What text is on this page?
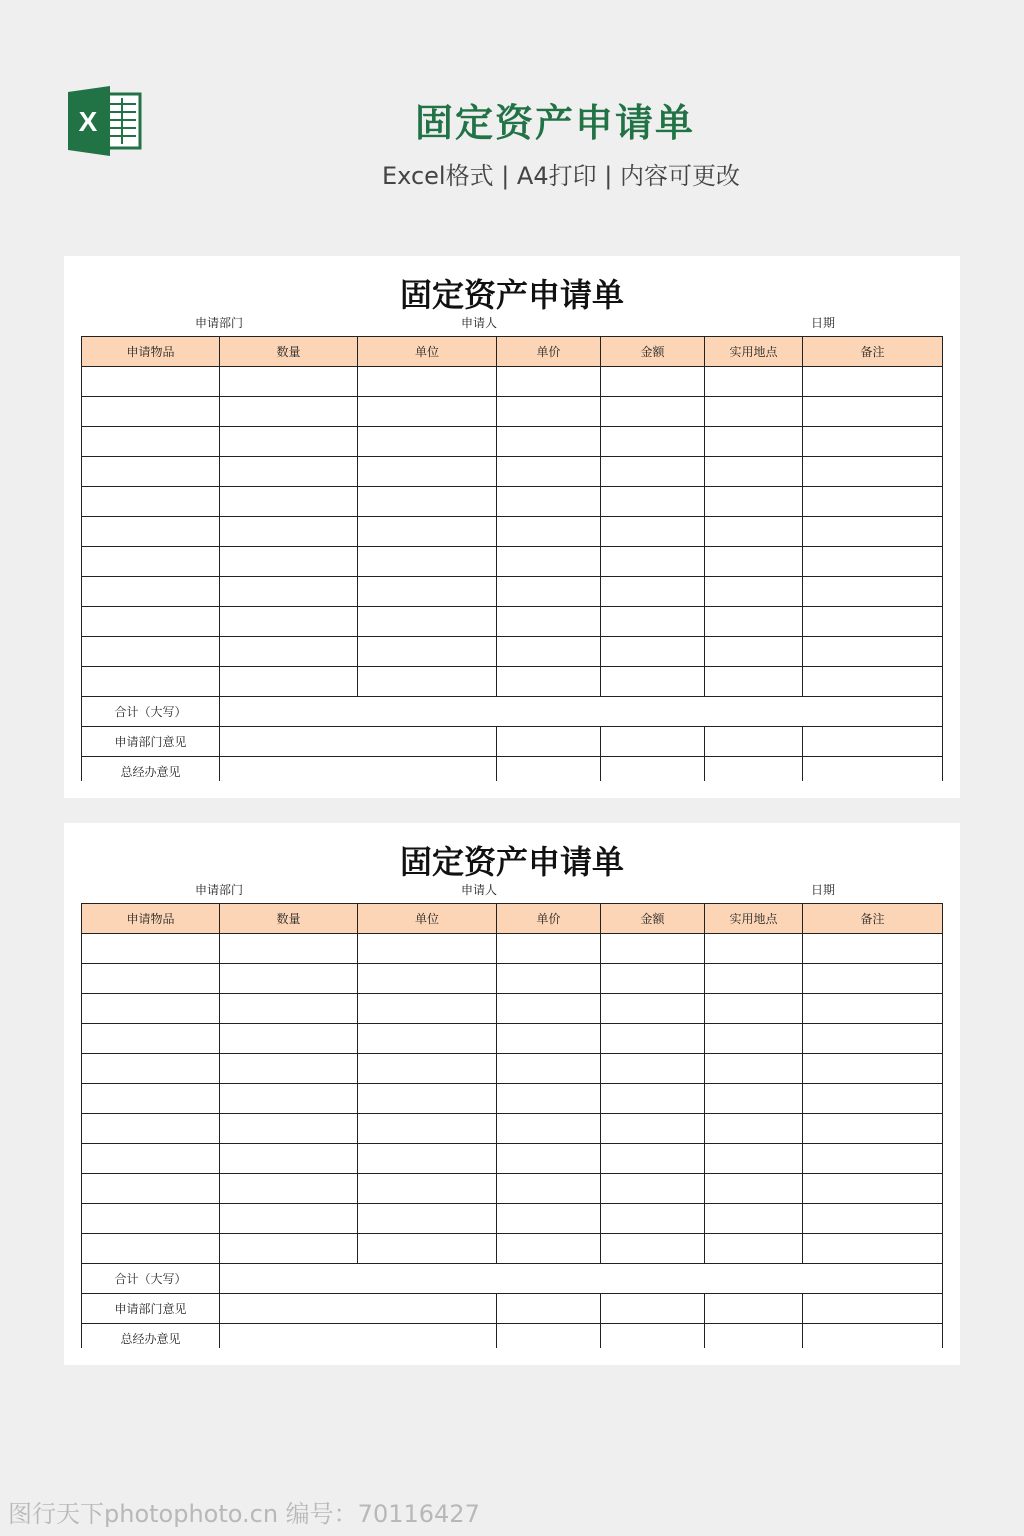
X	固定资产申请单
Excel格式 | A4打印 | 内容可更改
固定资产申请单
申请部门	申请人	日期
申请物品	数量	单位	单价	金额	实用地点	备注

合计（大写）						
申请部门意见						
总经办意见						
固定资产申请单
申请部门	申请人	日期
申请物品	数量	单位	单价	金额	实用地点	备注

合计（大写）						
申请部门意见						
总经办意见						
图行天下photophoto.cn 编号：70116427
